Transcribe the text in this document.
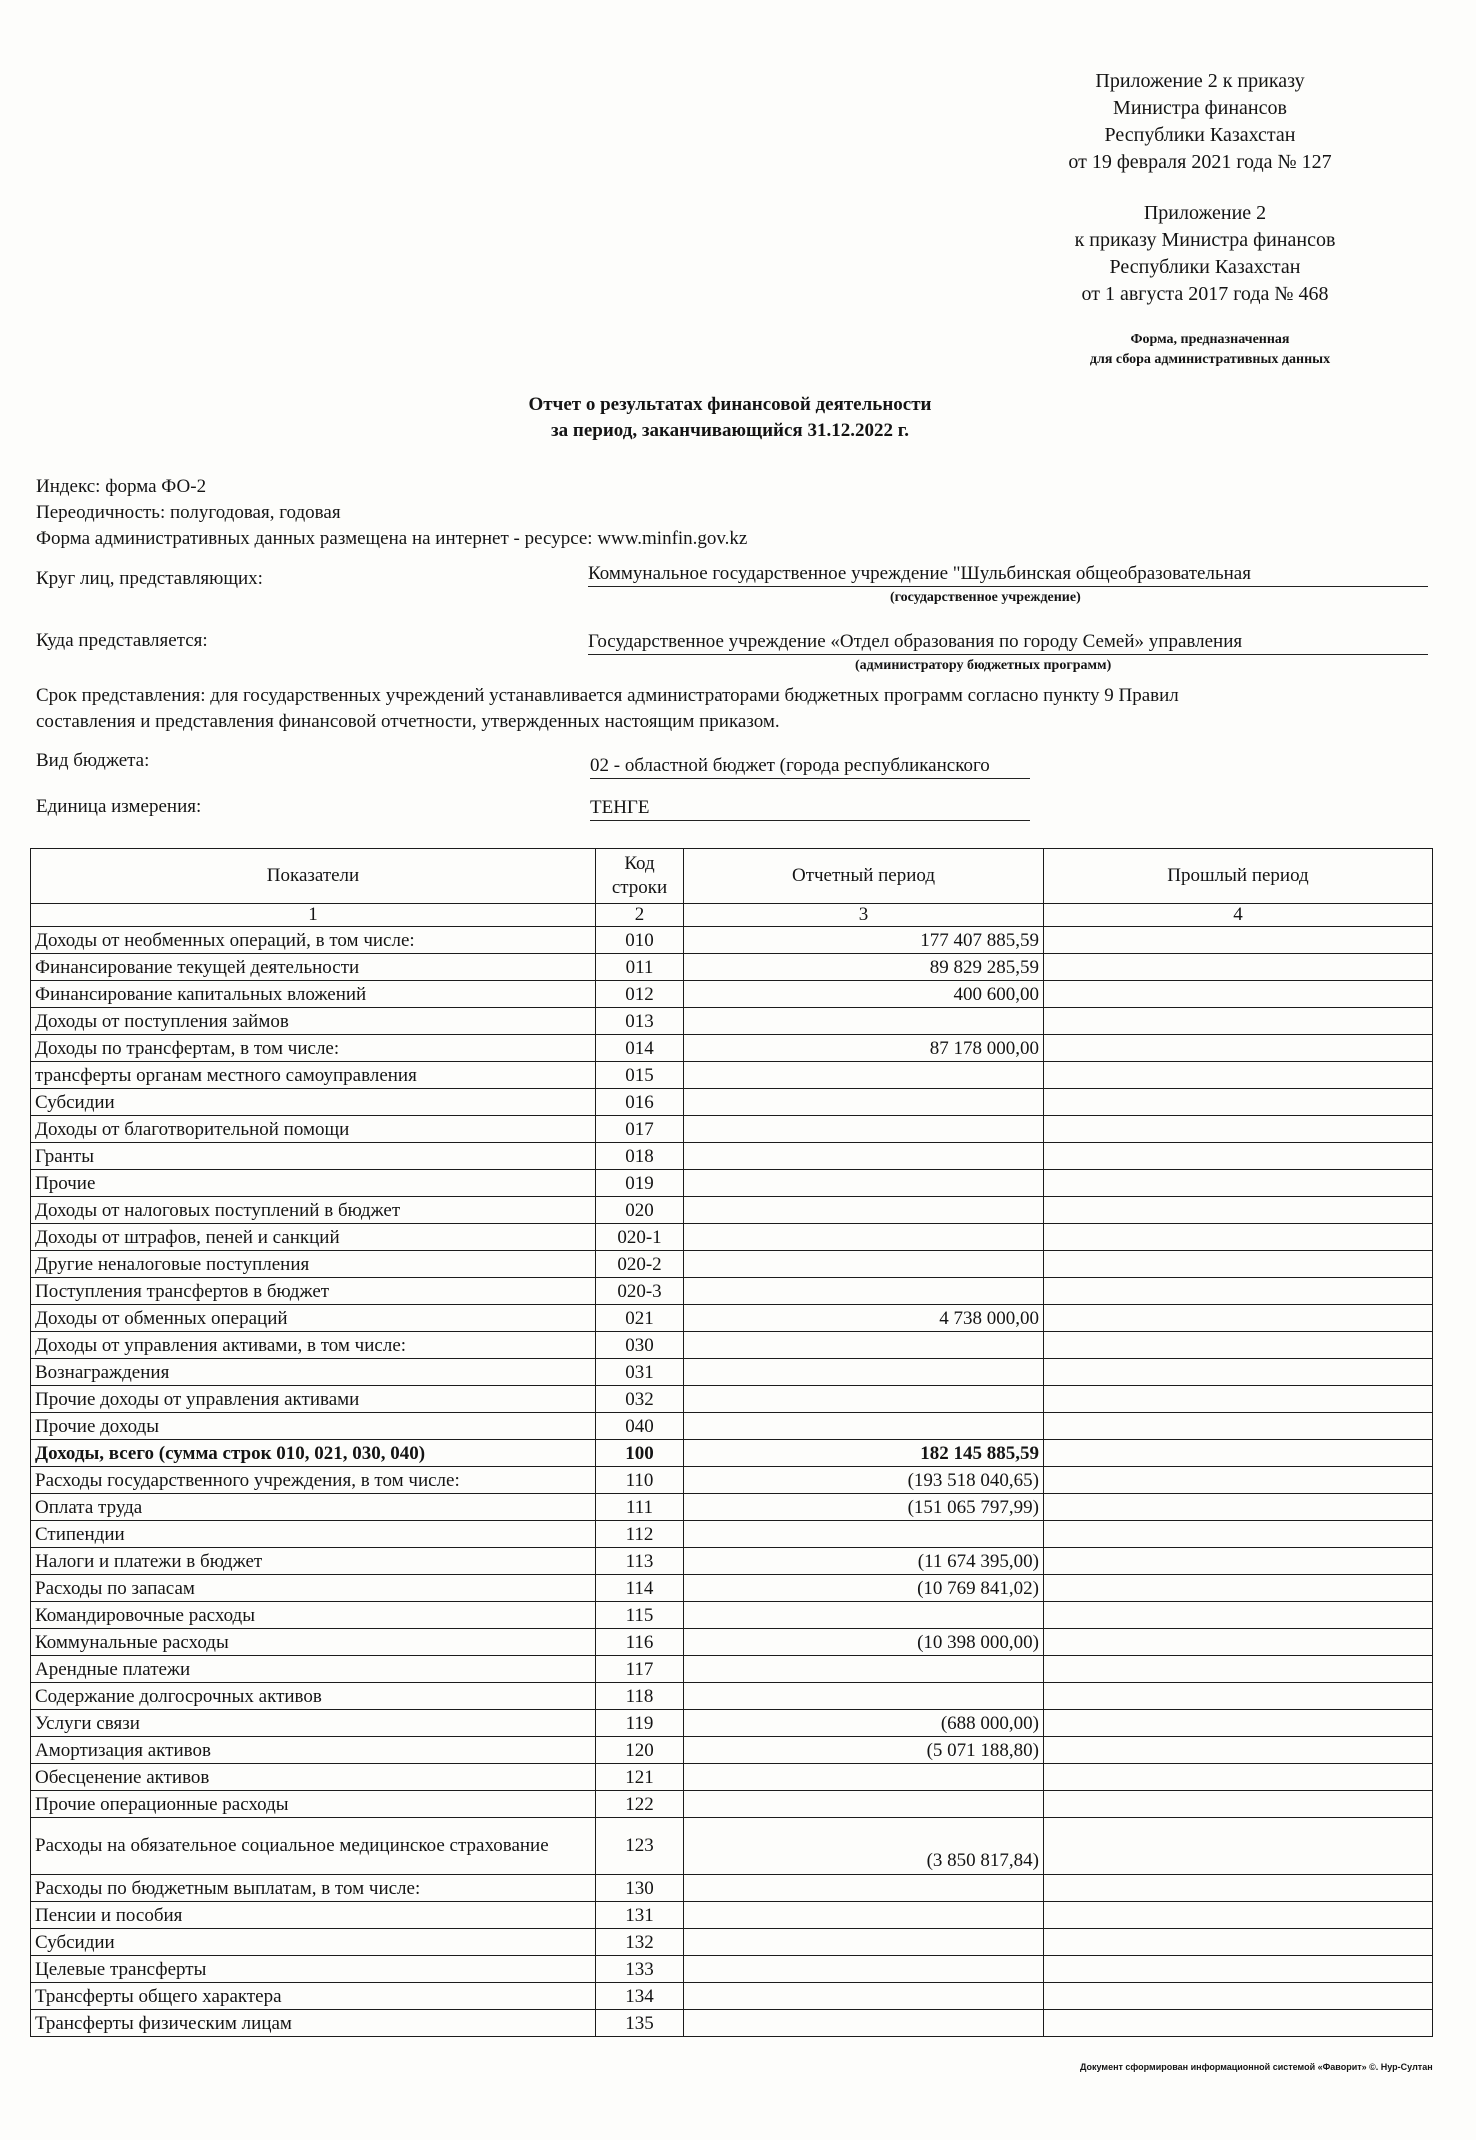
Приложение 2 к приказу
Министра финансов
Республики Казахстан
от 19 февраля 2021 года № 127
Приложение 2
к приказу Министра финансов
Республики Казахстан
от 1 августа 2017 года № 468
Форма, предназначенная
для сбора административных данных
Отчет о результатах финансовой деятельности
за период, заканчивающийся 31.12.2022 г.
Индекс: форма ФО-2
Переодичность: полугодовая, годовая
Форма административных данных размещена на интернет - ресурсе: www.minfin.gov.kz
Круг лиц, представляющих:	Коммунальное государственное учреждение "Шульбинская общеобразовательная
(государственное учреждение)
Куда представляется:	Государственное учреждение «Отдел образования по городу Семей» управления
(администратору бюджетных программ)
Срок представления: для государственных учреждений устанавливается администраторами бюджетных программ согласно пункту 9 Правил составления и представления финансовой отчетности, утвержденных настоящим приказом.
Вид бюджета:	02 - областной бюджет (города республиканского
Единица измерения:	ТЕНГЕ
Показатели	Код строки	Отчетный период	Прошлый период
1	2	3	4
Доходы от необменных операций, в том числе:	010	177 407 885,59	
Финансирование текущей деятельности	011	89 829 285,59	
Финансирование капитальных вложений	012	400 600,00	
Доходы от поступления займов	013		
Доходы по трансфертам, в том числе:	014	87 178 000,00	
трансферты органам местного самоуправления	015		
Субсидии	016		
Доходы от благотворительной помощи	017		
Гранты	018		
Прочие	019		
Доходы от налоговых поступлений в бюджет	020		
Доходы от штрафов, пеней и санкций	020-1		
Другие неналоговые поступления	020-2		
Поступления трансфертов в бюджет	020-3		
Доходы от обменных операций	021	4 738 000,00	
Доходы от управления активами, в том числе:	030		
Вознаграждения	031		
Прочие доходы от управления активами	032		
Прочие доходы	040		
Доходы, всего (сумма строк 010, 021, 030, 040)	100	182 145 885,59	
Расходы государственного учреждения, в том числе:	110	(193 518 040,65)	
Оплата труда	111	(151 065 797,99)	
Стипендии	112		
Налоги и платежи в бюджет	113	(11 674 395,00)	
Расходы по запасам	114	(10 769 841,02)	
Командировочные расходы	115		
Коммунальные расходы	116	(10 398 000,00)	
Арендные платежи	117		
Содержание долгосрочных активов	118		
Услуги связи	119	(688 000,00)	
Амортизация активов	120	(5 071 188,80)	
Обесценение активов	121		
Прочие операционные расходы	122		
Расходы на обязательное социальное медицинское страхование	123	(3 850 817,84)	
Расходы по бюджетным выплатам, в том числе:	130		
Пенсии и пособия	131		
Субсидии	132		
Целевые трансферты	133		
Трансферты общего характера	134		
Трансферты физическим лицам	135		
Документ сформирован информационной системой «Фаворит» ©. Нур-Султан
